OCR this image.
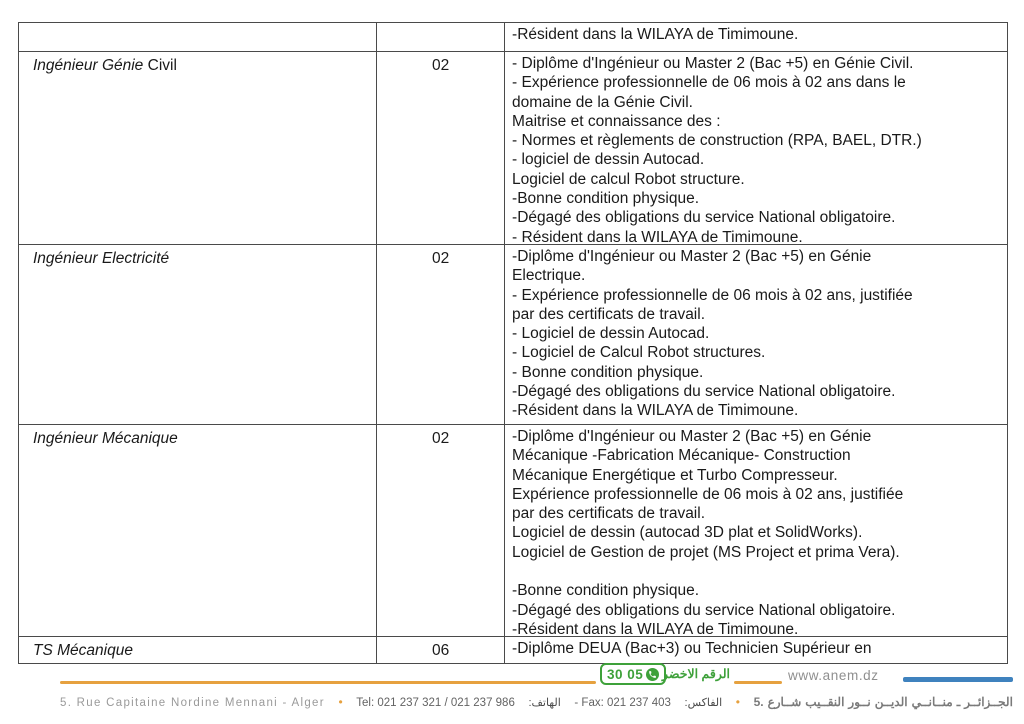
-Résident dans la WILAYA de Timimoune.
Ingénieur Génie Civil	02	- Diplôme d'Ingénieur ou Master 2 (Bac +5) en Génie Civil.
- Expérience professionnelle de 06 mois à 02 ans dans le
domaine de la Génie Civil.
Maitrise et connaissance des :
- Normes et règlements de construction (RPA, BAEL, DTR.)
- logiciel de dessin Autocad.
Logiciel de calcul Robot structure.
-Bonne condition physique.
-Dégagé des obligations du service National obligatoire.
- Résident dans la WILAYA de Timimoune.
Ingénieur Electricité	02	-Diplôme d'Ingénieur ou Master 2 (Bac +5) en Génie
Electrique.
- Expérience professionnelle de 06 mois à 02 ans, justifiée
par des certificats de travail.
- Logiciel de dessin Autocad.
- Logiciel de Calcul Robot structures.
- Bonne condition physique.
-Dégagé des obligations du service National obligatoire.
-Résident dans la WILAYA de Timimoune.
Ingénieur Mécanique	02	-Diplôme d'Ingénieur ou Master 2 (Bac +5) en Génie
Mécanique -Fabrication Mécanique- Construction
Mécanique Energétique et Turbo Compresseur.
Expérience professionnelle de 06 mois à 02 ans, justifiée
par des certificats de travail.
Logiciel de dessin (autocad 3D plat et SolidWorks).
Logiciel de Gestion de projet (MS Project et prima Vera).

-Bonne condition physique.
-Dégagé des obligations du service National obligatoire.
-Résident dans la WILAYA de Timimoune.
TS Mécanique	06	-Diplôme DEUA (Bac+3) ou Technicien Supérieur en
30 05 الرقم الاخضر	www.anem.dz
5. Rue Capitaine Nordine Mennani - Alger • Tel: 021 237 321 / 021 237 986 الهاتف: - Fax: 021 237 403 الفاكس: • 5. شــارع النقــيب نــور الديــن منــانــي ـ الجــزائــر
